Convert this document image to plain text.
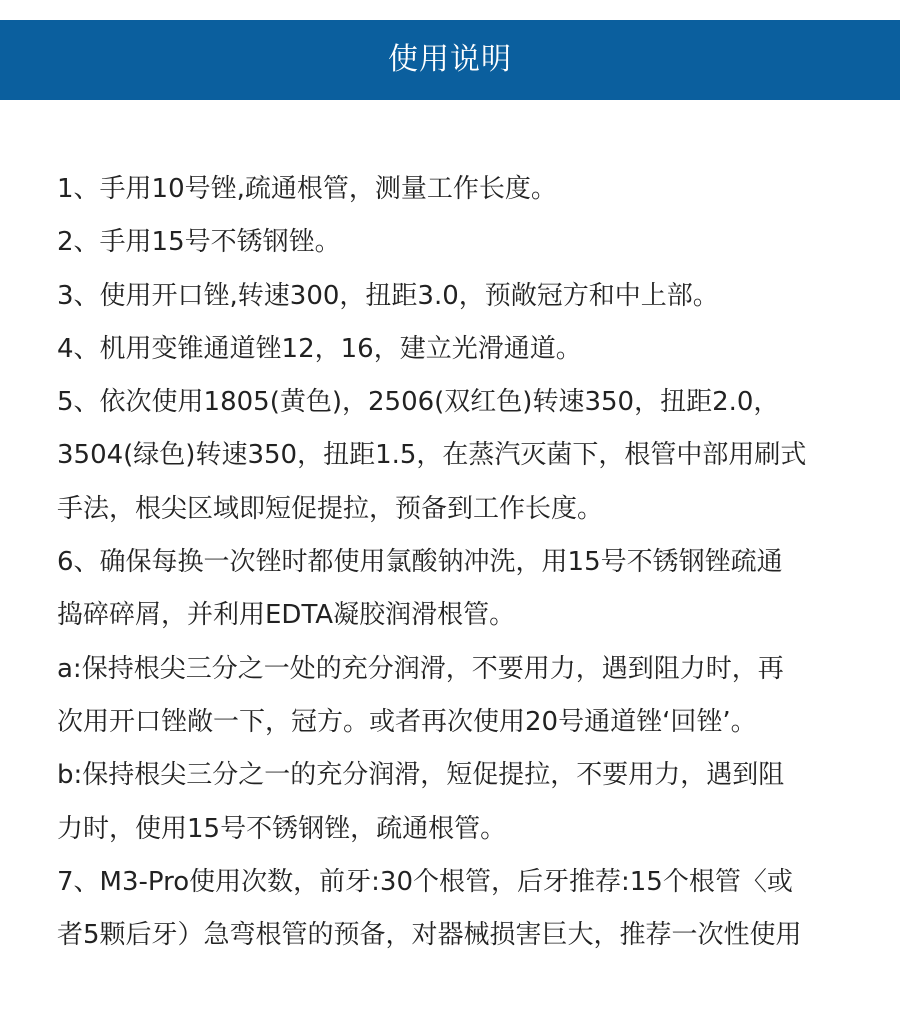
使用说明
1、手用10号锉,疏通根管，测量工作长度。
2、手用15号不锈钢锉。
3、使用开口锉,转速300，扭距3.0，预敞冠方和中上部。
4、机用变锥通道锉12，16，建立光滑通道。
5、依次使用1805(黄色)，2506(双红色)转速350，扭距2.0，
3504(绿色)转速350，扭距1.5，在蒸汽灭菌下，根管中部用刷式
手法，根尖区域即短促提拉，预备到工作长度。
6、确保每换一次锉时都使用氯酸钠冲洗，用15号不锈钢锉疏通
捣碎碎屑，并利用EDTA凝胶润滑根管。
a:保持根尖三分之一处的充分润滑，不要用力，遇到阻力时，再
次用开口锉敞一下，冠方。或者再次使用20号通道锉‘回锉’。
b:保持根尖三分之一的充分润滑，短促提拉，不要用力，遇到阻
力时，使用15号不锈钢锉，疏通根管。
7、M3-Pro使用次数，前牙:30个根管，后牙推荐:15个根管〈或
者5颗后牙）急弯根管的预备，对器械损害巨大，推荐一次性使用
